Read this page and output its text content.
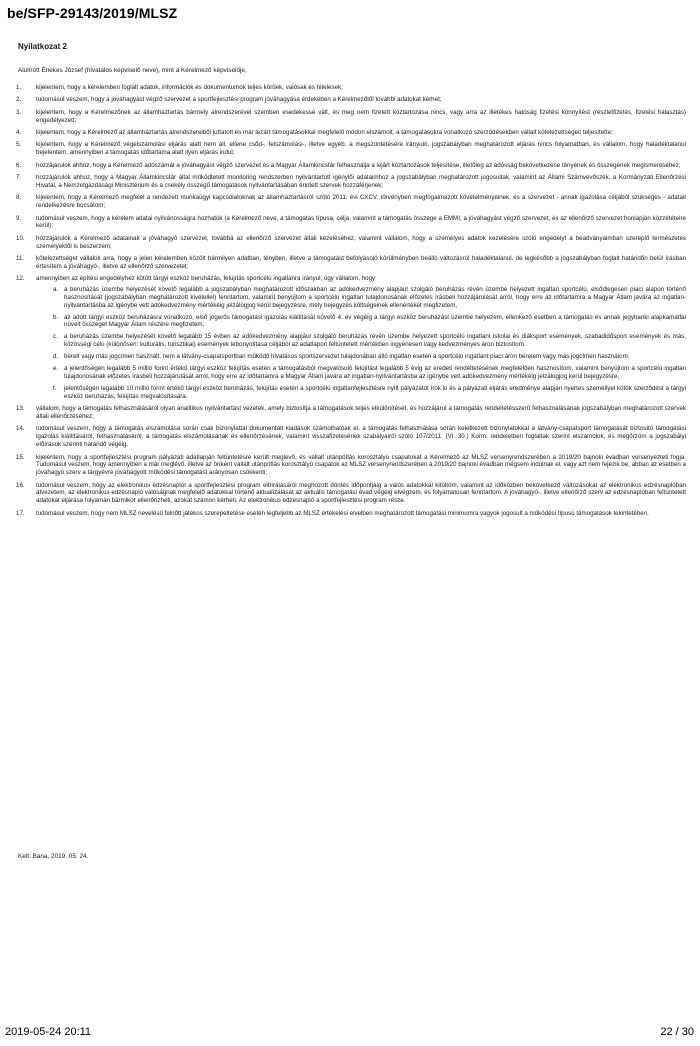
be/SFP-29143/2019/MLSZ
Nyilatkozat 2
Alulírott Énekes József (hivatalos képviselő neve), mint a Kérelmező képviselője,
1. kijelentem, hogy a kérelemben foglalt adatok, információk és dokumentumok teljes körűek, valósak és hitelesek;
2. tudomásul veszem, hogy a jóváhagyást végző szervezet a sportfejlesztési program jóváhagyása érdekében a Kérelmezőtől további adatokat kérhet;
3. kijelentem, hogy a Kérelmezőnek az államháztartás bármely alrendszerével szemben esedékessé vált, és meg nem fizetett köztartozása nincs, vagy arra az illetékes hatóság fizetési könnyítést (részletfizetés, fizetési halasztás) engedélyezett;
4. kijelentem, hogy a Kérelmező az államháztartás alrendszereiből juttatott és már lezárt támogatásokkal megfelelő módon elszámolt, a támogatásokra vonatkozó szerződésekben vállalt kötelezettségeit teljesítette;
5. kijelentem, hogy a Kérelmező végelszámolási eljárás alatt nem áll, ellene csőd-, felszámolási-, illetve egyéb, a megszüntetésére irányuló, jogszabályban meghatározott eljárás nincs folyamatban, és vállalom, hogy haladéktalanul bejelentem, amennyiben a támogatás időtartama alatt ilyen eljárás indul;
6. hozzájárulok ahhoz, hogy a Kérelmező adószámát a jóváhagyást végző szervezet és a Magyar Államkincstár felhasználja a lejárt köztartozások teljesítése, illetőleg az adósság bekövetkezése tényének és összegének megismeréséhez;
7. hozzájárulok ahhoz, hogy a Magyar Államkincstár által működtetett monitoring rendszerben nyilvántartott igénylői adataimhoz a jogszabályban meghatározott jogosultak, valamint az Állami Számvevőszék, a Kormányzati Ellenőrzési Hivatal, a Nemzetgazdasági Minisztérium és a csekély összegű támogatások nyilvántartásában érintett szervek hozzáférjenek;
8. kijelentem, hogy a Kérelmező megfelel a rendezett munkaügyi kapcsolatoknak az államháztartásról szóló 2011. évi CXCV. törvényben megfogalmazott követelményeinek, és a szervezet - annak igazolása céljából szükséges - adatait rendelkezésre bocsátom;
9. tudomásul veszem, hogy a kérelem adatai nyilvánosságra hozhatók (a Kérelmező neve, a támogatás típusa, célja, valamint a támogatás összege a EMMI, a jóváhagyást végző szervezet, és az ellenőrző szervezet honlapján közzétételre kerül);
10. hozzájárulok a Kérelmező adatainak a jóváhagyó szervezet, továbbá az ellenőrző szervezet általi kezeléséhez, valamint vállalom, hogy a személyes adatok kezelésére szóló engedélyt a beadványaimban szereplő természetes személyektől is beszerzem;
11. kötelezettséget vállalok arra, hogy a jelen kérelemben közölt bármilyen adatban, tényben, illetve a támogatást befolyásoló körülményben beálló változásról haladéktalanul, de legkésőbb a jogszabályban foglalt határidőn belül írásban értesítem a jóváhagyó-, illetve az ellenőrző szervezetet;
12. amennyiben az építési engedélyhez kötött tárgyi eszköz beruházás, felújítás sportcélú ingatlanra irányul, úgy vállalom, hogy
a. a beruházás üzembe helyezését követő legalább a jogszabályban meghatározott időszakban az adókedvezmény alapjául szolgáló beruházás révén üzembe helyezett ingatlan sportcélú, elsődlegesen piaci alapon történő hasznosítását (jogszabályban meghatározott kivétellel) fenntartom, valamint benyújtom a sportcélú ingatlan tulajdonosának előzetes írásbeli hozzájárulását arról, hogy erre az időtartamra a Magyar Állam javára az ingatlan-nyilvántartásba az igénybe vett adókedvezmény mértékéig jelzálogjog kerül bejegyzésre, mely bejegyzés költségeinek ellenértékét megfizetem,
b. az adott tárgyi eszköz beruházásra vonatkozó, első jogerős támogatási igazolás kiállítását követő 4. év végéig a tárgyi eszköz beruházást üzembe helyezem, ellenkező esetben a támogatás és annak jegybanki alapkamattal növelt összegét Magyar Állam részére megfizetem,
c. a beruházás üzembe helyezését követő legalább 15 évben az adókedvezmény alapjául szolgáló beruházás révén üzembe helyezett sportcélú ingatlant iskolai és diáksport események, szabadidősport események és más, közösségi célú (különösen: kulturális, turisztikai) események lebonyolítása céljából az adatlapon feltüntetett mértékben ingyenesen vagy kedvezményes áron biztosítom.
d. bérelt vagy más jogcímen használt, nem a látvány-csapatsportban működő hivatásos sportszervezet tulajdonában álló ingatlan esetén a sportcélú ingatlant piaci áron bérelem vagy más jogcímen használom.
e. a jelentőségén legalább 5 millió forint értékű tárgyi eszköz felújítás esetén a támogatásból megvalósuló felújítást legalább 5 évig az eredeti rendeltetésének megfelelően hasznosítom, valamint benyújtom a sportcélú ingatlan tulajdonosának előzetes írásbeli hozzájárulását arról, hogy erre az időtartamra a Magyar Állam javára az ingatlan-nyilvántartásba az igénybe vett adókedvezmény mértékéig jelzálogjog kerül bejegyzésre,
f. jelentőségén legalább 10 millió forint értékű tárgyi eszköz beruházás, felújítás esetén a sportcélú ingatlanfejlesztésre nyílt pályázatot írok ki és a pályázati eljárás eredménye alapján nyertes személlyel kötök szerződést a tárgyi eszköz beruházás, felújítás megvalósítására.
13. vállalom, hogy a támogatás felhasználásáról olyan analitikus nyilvántartást vezetek, amely biztosítja a támogatások teljes elkülönítését, és hozzájárul a támogatás rendeltetésszerű felhasználásának jogszabályban meghatározott szervek általi ellenőrzéséhez;
14. tudomásul veszem, hogy a támogatás elszámolása során csak bizonylattal dokumentált kiadások számolhatóak el, a támogatás felhasználása során keletkezett bizonylatokkal a látvány-csapatsport támogatását biztosító támogatási igazolás kiállításáról, felhasználásáról, a támogatás elszámolásának és ellenőrzésének, valamint visszafizetésének szabályairól szóló 107/2011. (VI. 30.) Korm. rendeletben foglaltak szerint elszámolok, és megőrzöm a jogszabályi előírások szerinti határidő végéig.
15. kijelentem, hogy a sportfejlesztési program pályázati adatlapján feltüntetésre került meglevő, és vállalt utánpótlás korosztályú csapatokat a Kérelmező az MLSZ versenyrendszerében a 2019/20 bajnoki évadban versenyezteti fogja. Tudomásul veszem, hogy amennyiben a már meglévő, illetve az önként vállalt utánpótlás korosztályú csapatok az MLSZ versenyrendszerében a 2019/20 bajnoki évadban mégsem indulnak el, vagy azt nem fejezik be, abban az esetben a jóváhagyó szerv a tárgyévre jóváhagyott működési támogatást arányosan csökkenti;
16. tudomásul veszem, hogy az elektronikus edzésnaplót a sportfejlesztési program elbírálásáról meghozott döntés időpontjáig a valós adatokkal kitöltöm, valamint az időközben bekövetkező változásokat az elektronikus edzésnaplóban átvezetem, az elektronikus edzésnapló valóságnak megfelelő adatokkal történő aktualizálását az aktuális támogatási évad végéig elvégzem, és folyamatosan fenntartom. A jóváhagyó-, illetve ellenőrző szerv az edzésnaplóban feltüntetett adatokat eljárása folyamán bármikor ellenőrizheti, azokat számon kérheti. Az elektronikus edzésnapló a sportfejlesztési program része.
17. tudomásul veszem, hogy nem MLSZ nevelésű felnőtt játékos szerepeltetése esetén legfeljebb az MLSZ értékelési elvelben meghatározott támogatási minimumra vagyok jogosult a működési típusú támogatások tekintetében.
Kelt: Bana, 2019. 05. 24.
2019-05-24 20:11	22 / 30
